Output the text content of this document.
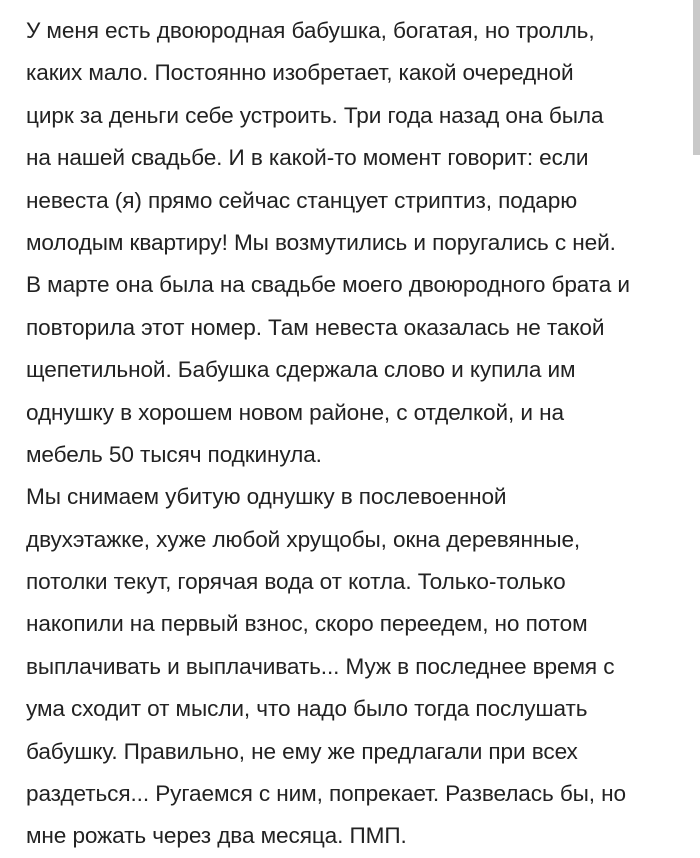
У меня есть двоюродная бабушка, богатая, но тролль,
каких мало. Постоянно изобретает, какой очередной
цирк за деньги себе устроить. Три года назад она была
на нашей свадьбе. И в какой-то момент говорит: если
невеста (я) прямо сейчас станцует стриптиз, подарю
молодым квартиру! Мы возмутились и поругались с ней.
В марте она была на свадьбе моего двоюродного брата и
повторила этот номер. Там невеста оказалась не такой
щепетильной. Бабушка сдержала слово и купила им
однушку в хорошем новом районе, с отделкой, и на
мебель 50 тысяч подкинула.
Мы снимаем убитую однушку в послевоенной
двухэтажке, хуже любой хрущобы, окна деревянные,
потолки текут, горячая вода от котла. Только-только
накопили на первый взнос, скоро переедем, но потом
выплачивать и выплачивать... Муж в последнее время с
ума сходит от мысли, что надо было тогда послушать
бабушку. Правильно, не ему же предлагали при всех
раздеться... Ругаемся с ним, попрекает. Развелась бы, но
мне рожать через два месяца. ПМП.
